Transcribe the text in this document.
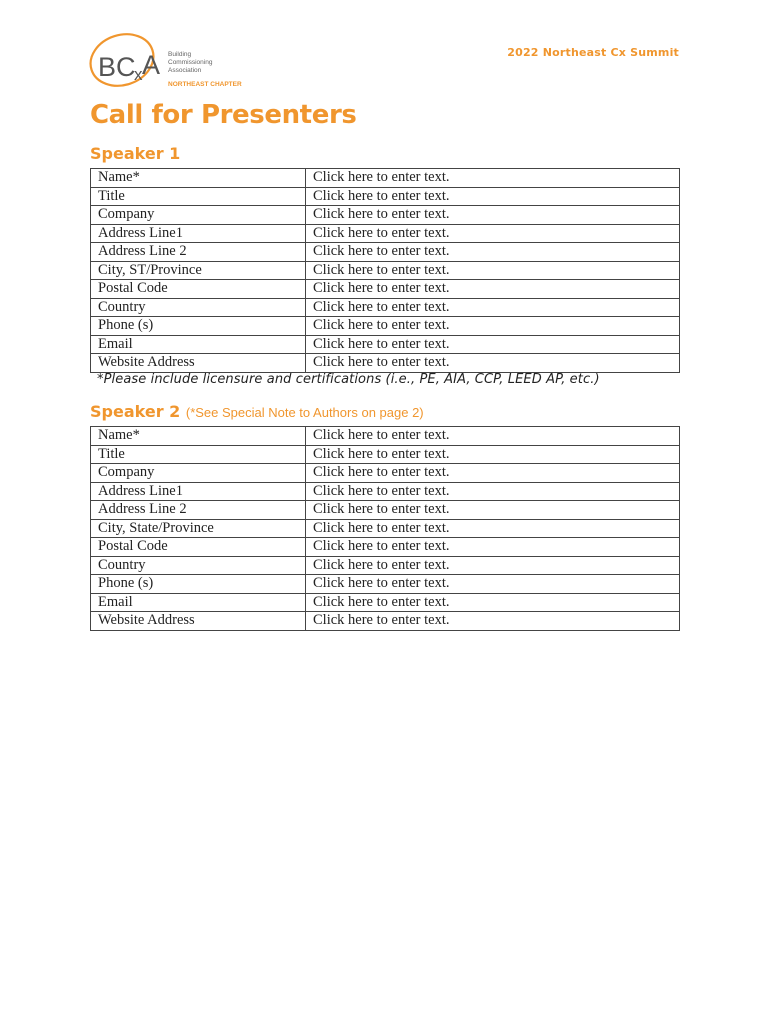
BC
x A Building
Commissioning
Association
NORTHEAST CHAPTER
2022 Northeast Cx Summit
Call for Presenters
Speaker 1
Name*	Click here to enter text.
Title	Click here to enter text.
Company	Click here to enter text.
Address Line1	Click here to enter text.
Address Line 2	Click here to enter text.
City, ST/Province	Click here to enter text.
Postal Code	Click here to enter text.
Country	Click here to enter text.
Phone (s)	Click here to enter text.
Email	Click here to enter text.
Website Address	Click here to enter text.

*Please include licensure and certifications (i.e., PE, AIA, CCP, LEED AP, etc.)

Speaker 2 (*See Special Note to Authors on page 2)
Name*	Click here to enter text.
Title	Click here to enter text.
Company	Click here to enter text.
Address Line1	Click here to enter text.
Address Line 2	Click here to enter text.
City, State/Province	Click here to enter text.
Postal Code	Click here to enter text.
Country	Click here to enter text.
Phone (s)	Click here to enter text.
Email	Click here to enter text.
Website Address	Click here to enter text.
